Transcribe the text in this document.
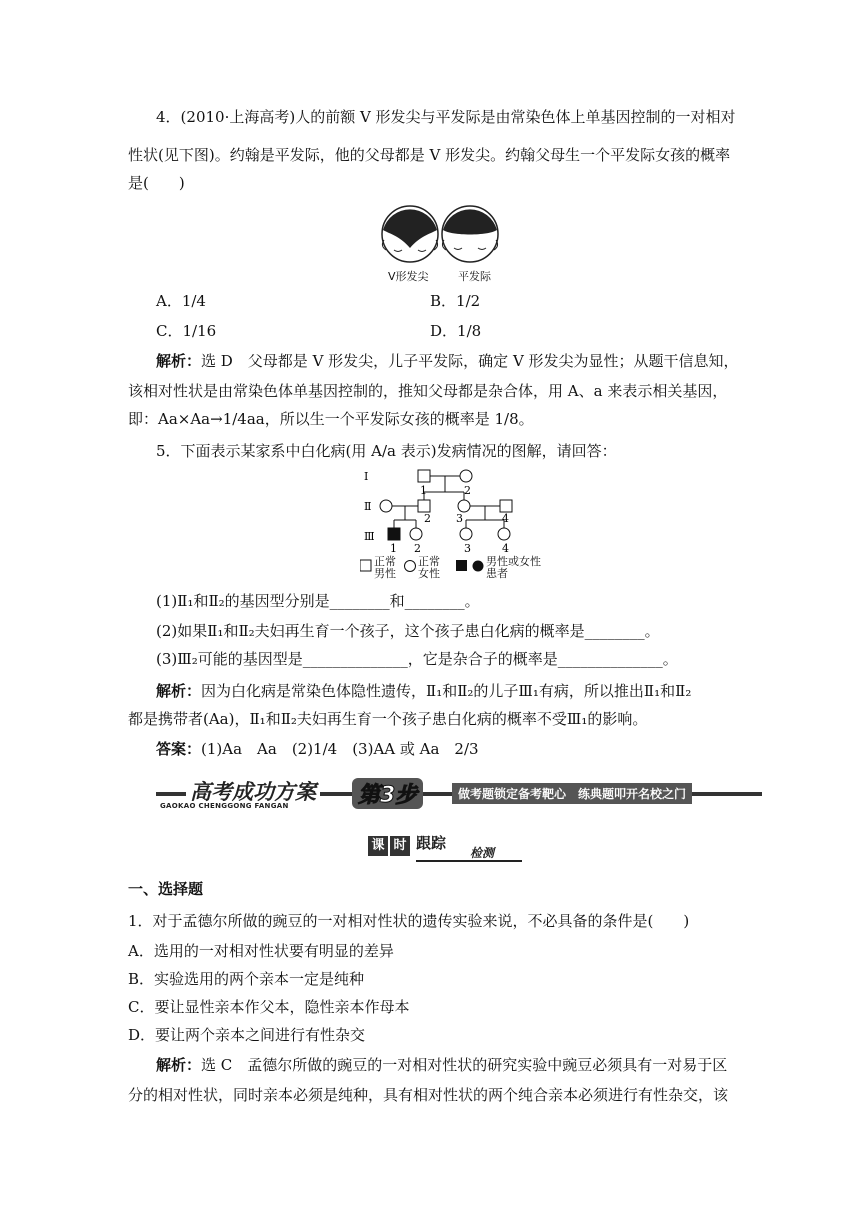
4．(2010·上海高考)人的前额 V 形发尖与平发际是由常染色体上单基因控制的一对相对
性状(见下图)。约翰是平发际，他的父母都是 V 形发尖。约翰父母生一个平发际女孩的概率
是(　　)
V形发尖	平发际
A．1/4	B．1/2
C．1/16	D．1/8
解析：选 D　父母都是 V 形发尖，儿子平发际，确定 V 形发尖为显性；从题干信息知，
该相对性状是由常染色体单基因控制的，推知父母都是杂合体，用 A、a 来表示相关基因，
即：Aa×Aa→1/4aa，所以生一个平发际女孩的概率是 1/8。
5．下面表示某家系中白化病(用 A/a 表示)发病情况的图解，请回答：
Ⅰ
1	2
Ⅱ
2 3	4
Ⅲ
1 2	3	4
正常男性
正常女性
男性或女性患者
(1)Ⅱ₁和Ⅱ₂的基因型分别是________和________。
(2)如果Ⅱ₁和Ⅱ₂夫妇再生育一个孩子，这个孩子患白化病的概率是________。
(3)Ⅲ₂可能的基因型是______________，它是杂合子的概率是______________。
解析：因为白化病是常染色体隐性遗传，Ⅱ₁和Ⅱ₂的儿子Ⅲ₁有病，所以推出Ⅱ₁和Ⅱ₂
都是携带者(Aa)，Ⅱ₁和Ⅱ₂夫妇再生育一个孩子患白化病的概率不受Ⅲ₁的影响。
答案：(1)Aa　Aa　(2)1/4　(3)AA 或 Aa　2/3
高考成功方案
GAOKAO CHENGGONG FANGAN	第3步	做考题锁定备考靶心　练典题叩开名校之门
课 时 跟踪
检测
一、选择题
1．对于孟德尔所做的豌豆的一对相对性状的遗传实验来说，不必具备的条件是(　　)
A．选用的一对相对性状要有明显的差异
B．实验选用的两个亲本一定是纯种
C．要让显性亲本作父本，隐性亲本作母本
D．要让两个亲本之间进行有性杂交
解析：选 C　孟德尔所做的豌豆的一对相对性状的研究实验中豌豆必须具有一对易于区
分的相对性状，同时亲本必须是纯种，具有相对性状的两个纯合亲本必须进行有性杂交，该
